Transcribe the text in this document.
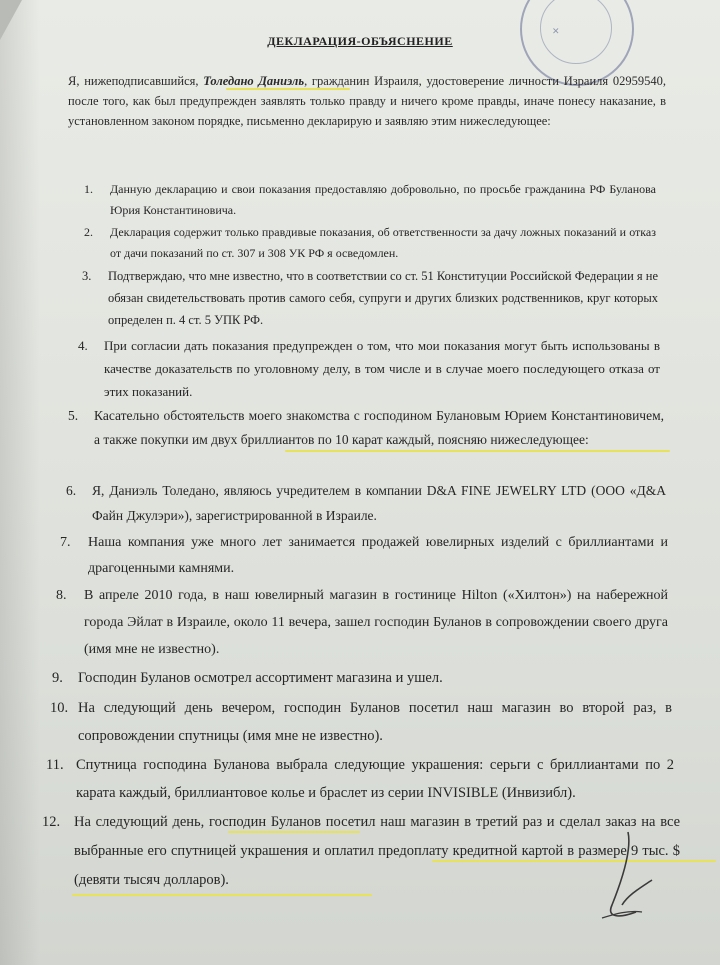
✕
ДЕКЛАРАЦИЯ-ОБЪЯСНЕНИЕ
Я, нижеподписавшийся, Толедано Даниэль, гражданин Израиля, удостоверение личности Израиля 02959540, после того, как был предупрежден заявлять только правду и ничего кроме правды, иначе понесу наказание, в установленном законом порядке, письменно декларирую и заявляю этим нижеследующее:
1. Данную декларацию и свои показания предоставляю добровольно, по просьбе гражданина РФ Буланова Юрия Константиновича.
2. Декларация содержит только правдивые показания, об ответственности за дачу ложных показаний и отказ от дачи показаний по ст. 307 и 308 УК РФ я осведомлен.
3. Подтверждаю, что мне известно, что в соответствии со ст. 51 Конституции Российской Федерации я не обязан свидетельствовать против самого себя, супруги и других близких родственников, круг которых определен п. 4 ст. 5 УПК РФ.
4. При согласии дать показания предупрежден о том, что мои показания могут быть использованы в качестве доказательств по уголовному делу, в том числе и в случае моего последующего отказа от этих показаний.
5. Касательно обстоятельств моего знакомства с господином Булановым Юрием Константиновичем, а также покупки им двух бриллиантов по 10 карат каждый, поясняю нижеследующее:
6. Я, Даниэль Толедано, являюсь учредителем в компании D&A FINE JEWELRY LTD (ООО «Д&А Файн Джулэри»), зарегистрированной в Израиле.
7. Наша компания уже много лет занимается продажей ювелирных изделий с бриллиантами и драгоценными камнями.
8. В апреле 2010 года, в наш ювелирный магазин в гостинице Hilton («Хилтон») на набережной города Эйлат в Израиле, около 11 вечера, зашел господин Буланов в сопровождении своего друга (имя мне не известно).
9. Господин Буланов осмотрел ассортимент магазина и ушел.
10. На следующий день вечером, господин Буланов посетил наш магазин во второй раз, в сопровождении спутницы (имя мне не известно).
11. Спутница господина Буланова выбрала следующие украшения: серьги с бриллиантами по 2 карата каждый, бриллиантовое колье и браслет из серии INVISIBLE (Инвизибл).
12. На следующий день, господин Буланов посетил наш магазин в третий раз и сделал заказ на все выбранные его спутницей украшения и оплатил предоплату кредитной картой в размере 9 тыс. $ (девяти тысяч долларов).
